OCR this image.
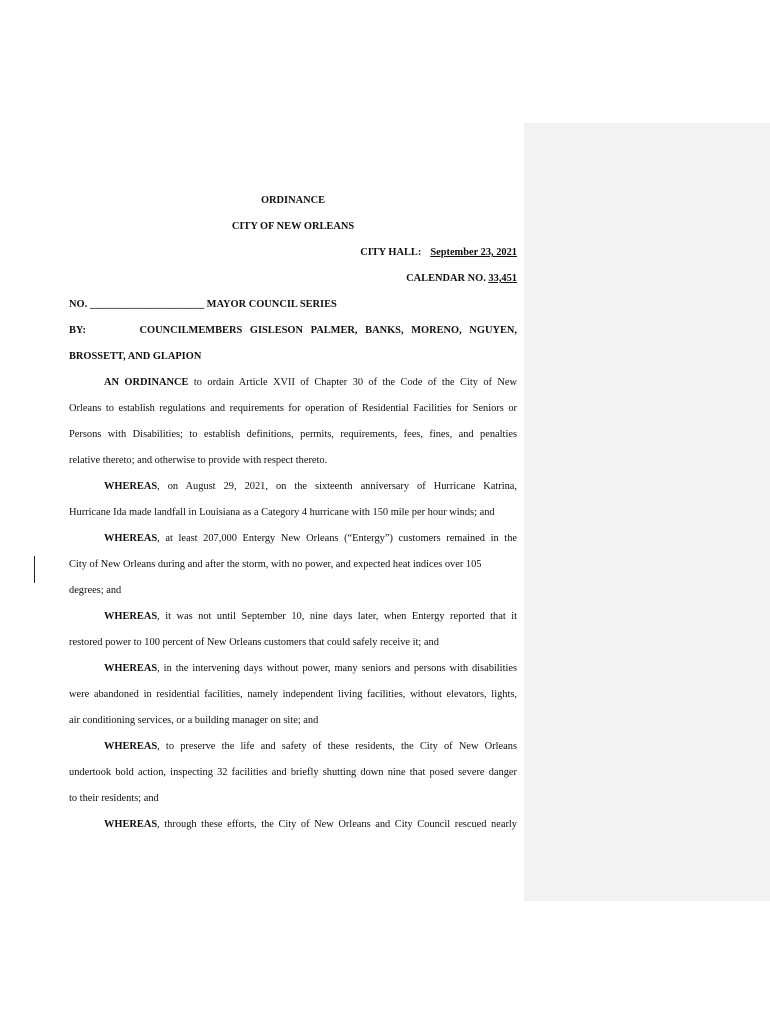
ORDINANCE
CITY OF NEW ORLEANS
CITY HALL: September 23, 2021
CALENDAR NO. 33,451
NO. ______________________ MAYOR COUNCIL SERIES
BY:	COUNCILMEMBERS GISLESON PALMER, BANKS, MORENO, NGUYEN,
BROSSETT, AND GLAPION
AN ORDINANCE to ordain Article XVII of Chapter 30 of the Code of the City of New
Orleans to establish regulations and requirements for operation of Residential Facilities for Seniors or
Persons with Disabilities; to establish definitions, permits, requirements, fees, fines, and penalties
relative thereto; and otherwise to provide with respect thereto.
WHEREAS, on August 29, 2021, on the sixteenth anniversary of Hurricane Katrina,
Hurricane Ida made landfall in Louisiana as a Category 4 hurricane with 150 mile per hour winds; and
WHEREAS, at least 207,000 Entergy New Orleans (“Entergy”) customers remained in the
City of New Orleans during and after the storm, with no power, and expected heat indices over 105
degrees; and
WHEREAS, it was not until September 10, nine days later, when Entergy reported that it
restored power to 100 percent of New Orleans customers that could safely receive it; and
WHEREAS, in the intervening days without power, many seniors and persons with disabilities
were abandoned in residential facilities, namely independent living facilities, without elevators, lights,
air conditioning services, or a building manager on site; and
WHEREAS, to preserve the life and safety of these residents, the City of New Orleans
undertook bold action, inspecting 32 facilities and briefly shutting down nine that posed severe danger
to their residents; and
WHEREAS, through these efforts, the City of New Orleans and City Council rescued nearly
